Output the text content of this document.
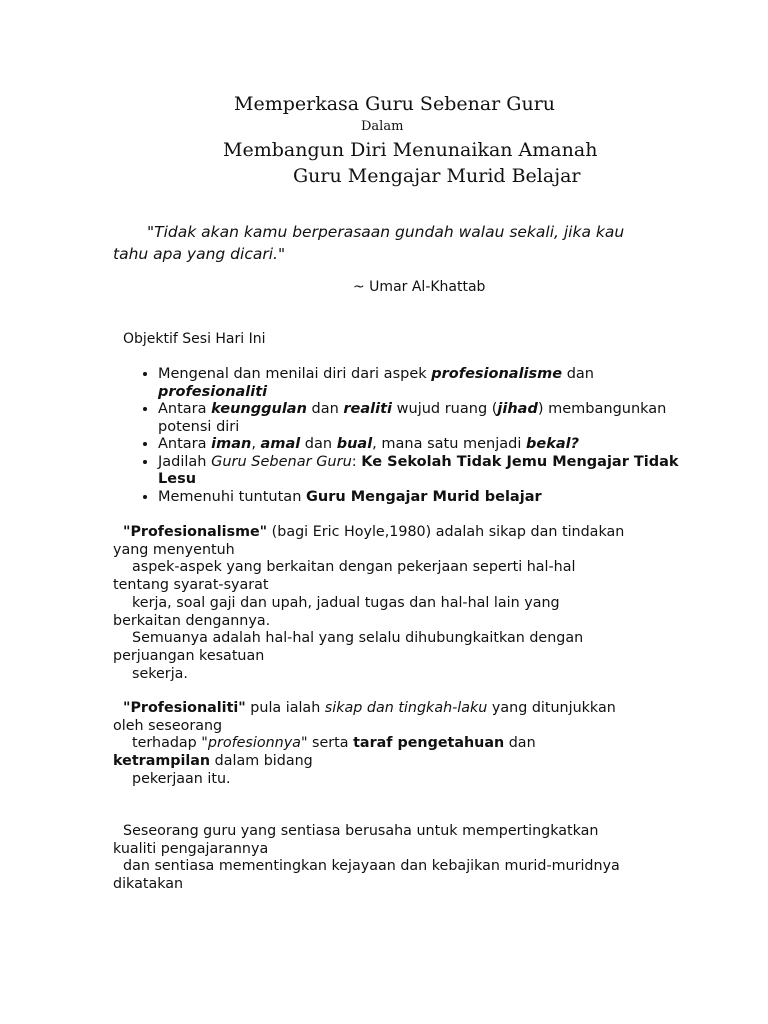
Memperkasa Guru Sebenar Guru
Dalam
Membangun Diri Menunaikan Amanah
Guru Mengajar Murid Belajar
"Tidak akan kamu berperasaan gundah walau sekali, jika kau tahu apa yang dicari."
~ Umar Al-Khattab
Objektif Sesi Hari Ini
• Mengenal dan menilai diri dari aspek profesionalisme dan profesionaliti
• Antara keunggulan dan realiti wujud ruang (jihad) membangunkan potensi diri
• Antara iman, amal dan bual, mana satu menjadi bekal?
• Jadilah Guru Sebenar Guru: Ke Sekolah Tidak Jemu Mengajar Tidak Lesu
• Memenuhi tuntutan Guru Mengajar Murid belajar
"Profesionalisme" (bagi Eric Hoyle,1980) adalah sikap dan tindakan
yang menyentuh
aspek-aspek yang berkaitan dengan pekerjaan seperti hal-hal
tentang syarat-syarat
kerja, soal gaji dan upah, jadual tugas dan hal-hal lain yang
berkaitan dengannya.
Semuanya adalah hal-hal yang selalu dihubungkaitkan dengan
perjuangan kesatuan
sekerja.
"Profesionaliti" pula ialah sikap dan tingkah-laku yang ditunjukkan
oleh seseorang
terhadap "profesionnya" serta taraf pengetahuan dan
ketrampilan dalam bidang
pekerjaan itu.
Seseorang guru yang sentiasa berusaha untuk mempertingkatkan
kualiti pengajarannya
dan sentiasa mementingkan kejayaan dan kebajikan murid-muridnya
dikatakan
